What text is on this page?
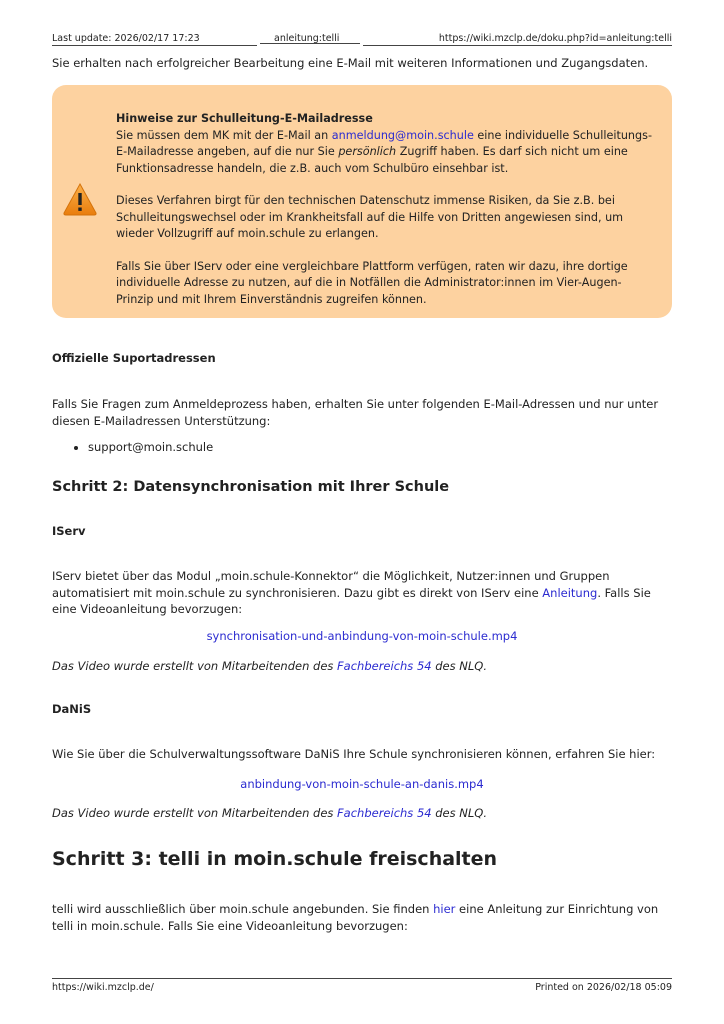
Last update: 2026/02/17 17:23	anleitung:telli	https://wiki.mzclp.de/doku.php?id=anleitung:telli

Sie erhalten nach erfolgreicher Bearbeitung eine E-Mail mit weiteren Informationen und Zugangsdaten.

Hinweise zur Schulleitung-E-Mailadresse
Sie müssen dem MK mit der E-Mail an anmeldung@moin.schule eine individuelle Schulleitungs-E-Mailadresse angeben, auf die nur Sie persönlich Zugriff haben. Es darf sich nicht um eine Funktionsadresse handeln, die z.B. auch vom Schulbüro einsehbar ist.

Dieses Verfahren birgt für den technischen Datenschutz immense Risiken, da Sie z.B. bei Schulleitungswechsel oder im Krankheitsfall auf die Hilfe von Dritten angewiesen sind, um wieder Vollzugriff auf moin.schule zu erlangen.

Falls Sie über IServ oder eine vergleichbare Plattform verfügen, raten wir dazu, ihre dortige individuelle Adresse zu nutzen, auf die in Notfällen die Administrator:innen im Vier-Augen-Prinzip und mit Ihrem Einverständnis zugreifen können.

Offizielle Suportadressen

Falls Sie Fragen zum Anmeldeprozess haben, erhalten Sie unter folgenden E-Mail-Adressen und nur unter diesen E-Mailadressen Unterstützung:

• support@moin.schule
Schritt 2: Datensynchronisation mit Ihrer Schule
IServ

IServ bietet über das Modul „moin.schule-Konnektor“ die Möglichkeit, Nutzer:innen und Gruppen automatisiert mit moin.schule zu synchronisieren. Dazu gibt es direkt von IServ eine Anleitung. Falls Sie eine Videoanleitung bevorzugen:

synchronisation-und-anbindung-von-moin-schule.mp4

Das Video wurde erstellt von Mitarbeitenden des Fachbereichs 54 des NLQ.

DaNiS

Wie Sie über die Schulverwaltungssoftware DaNiS Ihre Schule synchronisieren können, erfahren Sie hier:

anbindung-von-moin-schule-an-danis.mp4

Das Video wurde erstellt von Mitarbeitenden des Fachbereichs 54 des NLQ.

Schritt 3: telli in moin.schule freischalten

telli wird ausschließlich über moin.schule angebunden. Sie finden hier eine Anleitung zur Einrichtung von telli in moin.schule. Falls Sie eine Videoanleitung bevorzugen:

https://wiki.mzclp.de/	Printed on 2026/02/18 05:09
